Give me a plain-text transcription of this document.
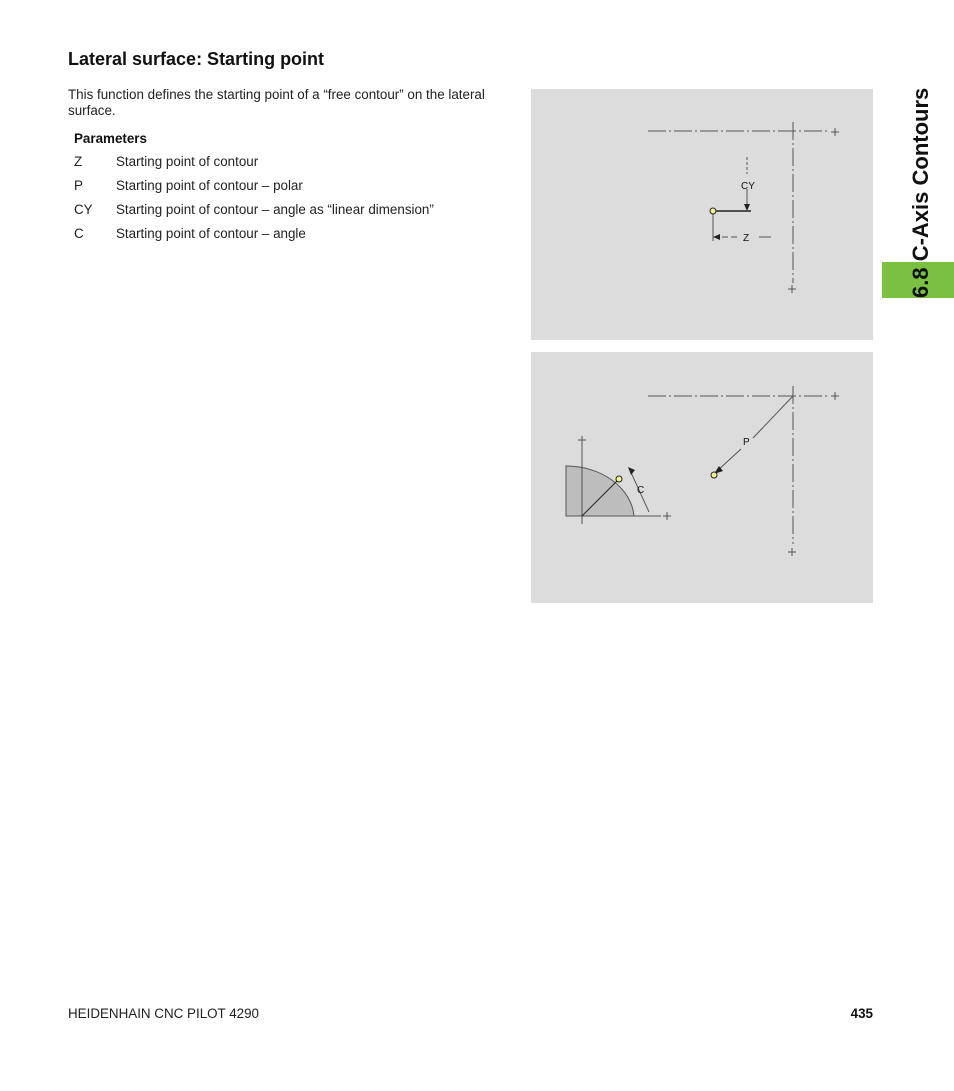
Lateral surface: Starting point

This function defines the starting point of a “free contour” on the lateral surface.

Parameters

Z	Starting point of contour
P	Starting point of contour – polar
CY	Starting point of contour – angle as “linear dimension”
C	Starting point of contour – angle	6.8 C-Axis Contours
CY
Z
P
C

HEIDENHAIN CNC PILOT 4290	435
